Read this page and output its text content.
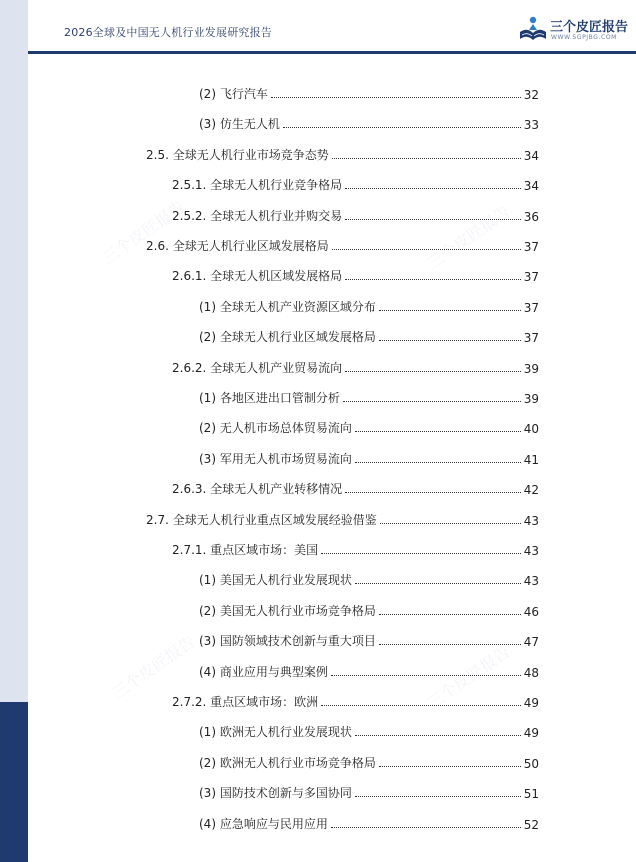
2026全球及中国无人机行业发展研究报告	三个皮匠报告
WWW.SGPJBG.COM
三个皮匠报告	三个皮匠报告
三个皮匠报告	三个皮匠报告
(2) 飞行汽车	32
(3) 仿生无人机	33
2.5. 全球无人机行业市场竞争态势	34
2.5.1. 全球无人机行业竞争格局	34
2.5.2. 全球无人机行业并购交易	36
2.6. 全球无人机行业区域发展格局	37
2.6.1. 全球无人机区域发展格局	37
(1) 全球无人机产业资源区域分布	37
(2) 全球无人机行业区域发展格局	37
2.6.2. 全球无人机产业贸易流向	39
(1) 各地区进出口管制分析	39
(2) 无人机市场总体贸易流向	40
(3) 军用无人机市场贸易流向	41
2.6.3. 全球无人机产业转移情况	42
2.7. 全球无人机行业重点区域发展经验借鉴	43
2.7.1. 重点区域市场：美国	43
(1) 美国无人机行业发展现状	43
(2) 美国无人机行业市场竞争格局	46
(3) 国防领域技术创新与重大项目	47
(4) 商业应用与典型案例	48
2.7.2. 重点区域市场：欧洲	49
(1) 欧洲无人机行业发展现状	49
(2) 欧洲无人机行业市场竞争格局	50
(3) 国防技术创新与多国协同	51
(4) 应急响应与民用应用	52
